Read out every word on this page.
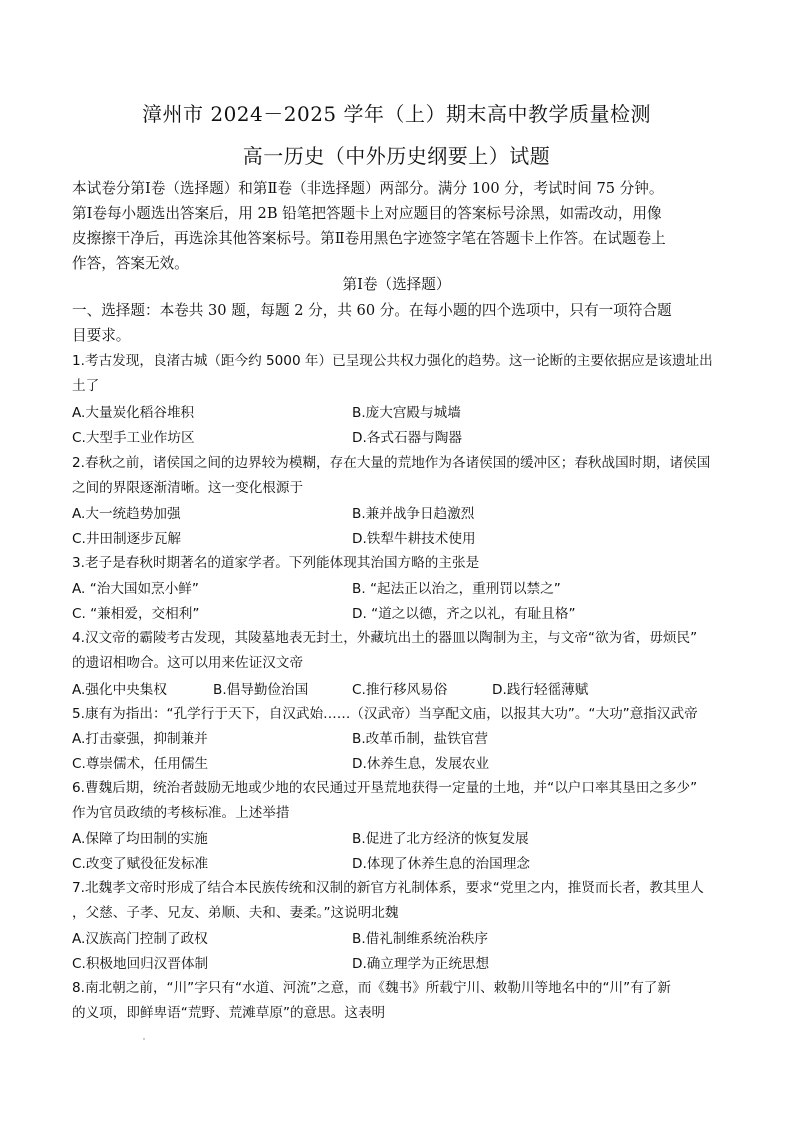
漳州市 2024－2025 学年（上）期末高中教学质量检测
高一历史（中外历史纲要上）试题
本试卷分第Ⅰ卷（选择题）和第Ⅱ卷（非选择题）两部分。满分 100 分，考试时间 75 分钟。
第Ⅰ卷每小题选出答案后，用 2B 铅笔把答题卡上对应题目的答案标号涂黑，如需改动，用像
皮擦擦干净后，再选涂其他答案标号。第Ⅱ卷用黑色字迹签字笔在答题卡上作答。在试题卷上
作答，答案无效。
第Ⅰ卷（选择题）
一、选择题：本卷共 30 题，每题 2 分，共 60 分。在每小题的四个选项中，只有一项符合题
目要求。
1.考古发现，良渚古城（距今约 5000 年）已呈现公共权力强化的趋势。这一论断的主要依据应是该遗址出
土了
A.大量炭化稻谷堆积	B.庞大宫殿与城墙
C.大型手工业作坊区	D.各式石器与陶器
2.春秋之前，诸侯国之间的边界较为模糊，存在大量的荒地作为各诸侯国的缓冲区；春秋战国时期，诸侯国
之间的界限逐渐清晰。这一变化根源于
A.大一统趋势加强	B.兼并战争日趋激烈
C.井田制逐步瓦解	D.铁犁牛耕技术使用
3.老子是春秋时期著名的道家学者。下列能体现其治国方略的主张是
A. “治大国如烹小鲜”	B. “起法正以治之，重刑罚以禁之”
C. “兼相爱，交相利”	D. “道之以德，齐之以礼，有耻且格”
4.汉文帝的霸陵考古发现，其陵墓地表无封土，外藏坑出土的器皿以陶制为主，与文帝“欲为省，毋烦民”
的遗诏相吻合。这可以用来佐证汉文帝
A.强化中央集权	B.倡导勤俭治国	C.推行移风易俗	D.践行轻徭薄赋
5.康有为指出：“孔学行于天下，自汉武始……（汉武帝）当享配文庙，以报其大功”。“大功”意指汉武帝
A.打击豪强，抑制兼并	B.改革币制，盐铁官营
C.尊崇儒术，任用儒生	D.休养生息，发展农业
6.曹魏后期，统治者鼓励无地或少地的农民通过开垦荒地获得一定量的土地，并“以户口率其垦田之多少”
作为官员政绩的考核标准。上述举措
A.保障了均田制的实施	B.促进了北方经济的恢复发展
C.改变了赋役征发标准	D.体现了休养生息的治国理念
7.北魏孝文帝时形成了结合本民族传统和汉制的新官方礼制体系，要求“党里之内，推贤而长者，教其里人
，父慈、子孝、兄友、弟顺、夫和、妻柔。”这说明北魏
A.汉族高门控制了政权	B.借礼制维系统治秩序
C.积极地回归汉晋体制	D.确立理学为正统思想
8.南北朝之前，“川”字只有“水道、河流”之意，而《魏书》所载宁川、敕勒川等地名中的“川”有了新
的义项，即鲜卑语“荒野、荒滩草原”的意思。这表明
